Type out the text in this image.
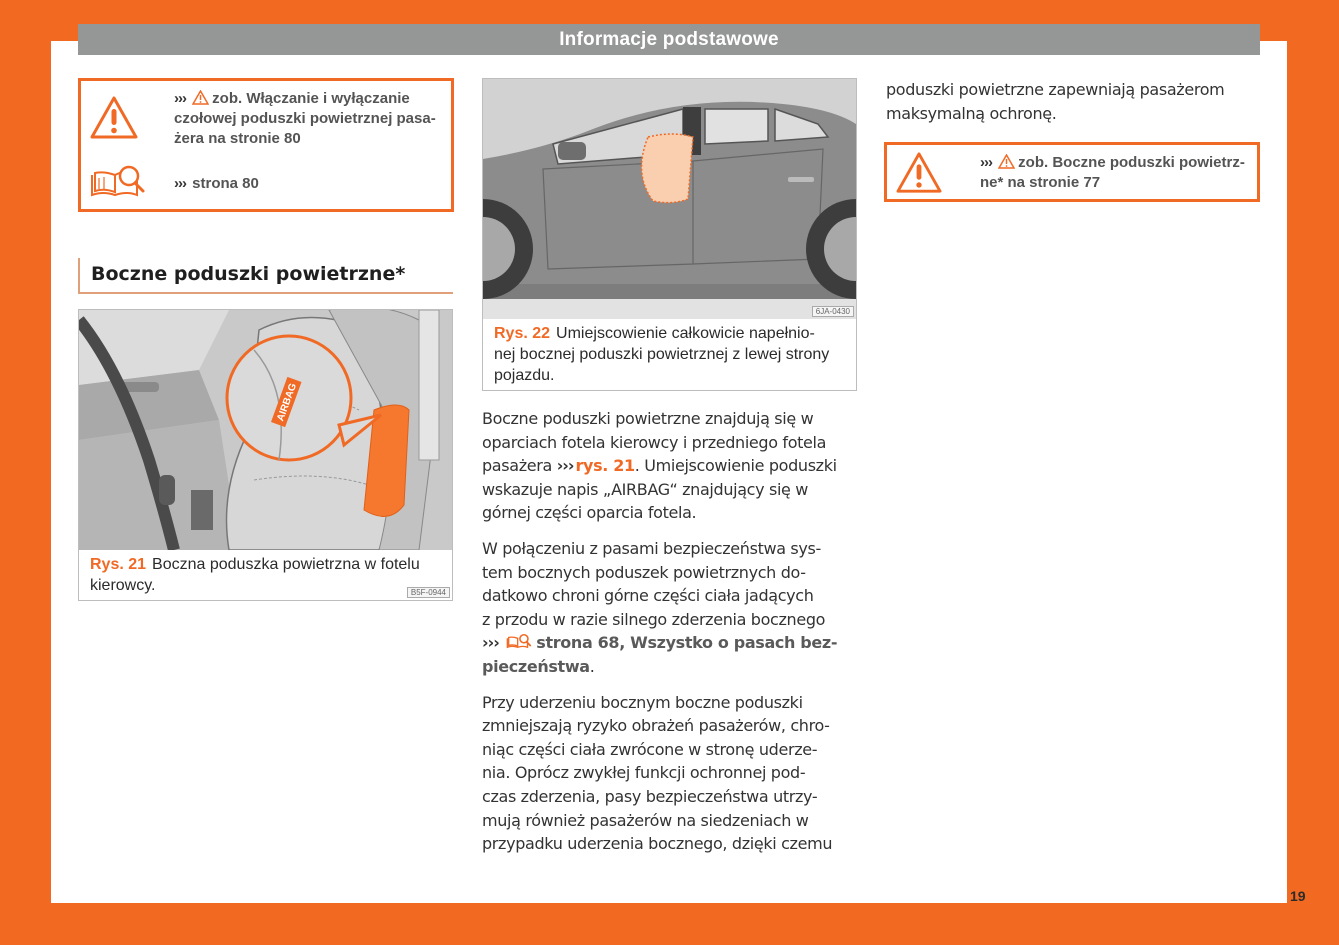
Informacje podstawowe
››› zob. Włączanie i wyłączanie
czołowej poduszki powietrznej pasa-
żera na stronie 80
››› strona 80
Boczne poduszki powietrzne*
AIRBAG
B5F-0944
Rys. 21 Boczna poduszka powietrzna w fotelu
kierowcy.
6JA-0430
Rys. 22 Umiejscowienie całkowicie napełnio-
nej bocznej poduszki powietrznej z lewej strony
pojazdu.

Boczne poduszki powietrzne znajdują się w
oparciach fotela kierowcy i przedniego fotela
pasażera ››› rys. 21. Umiejscowienie poduszki
wskazuje napis „AIRBAG“ znajdujący się w
górnej części oparcia fotela.

W połączeniu z pasami bezpieczeństwa sys-
tem bocznych poduszek powietrznych do-
datkowo chroni górne części ciała jadących
z przodu w razie silnego zderzenia bocznego
››› strona 68, Wszystko o pasach bez-
pieczeństwa.

Przy uderzeniu bocznym boczne poduszki
zmniejszają ryzyko obrażeń pasażerów, chro-
niąc części ciała zwrócone w stronę uderze-
nia. Oprócz zwykłej funkcji ochronnej pod-
czas zderzenia, pasy bezpieczeństwa utrzy-
mują również pasażerów na siedzeniach w
przypadku uderzenia bocznego, dzięki czemu

poduszki powietrzne zapewniają pasażerom
maksymalną ochronę.
››› zob. Boczne poduszki powietrz-
ne* na stronie 77
19
